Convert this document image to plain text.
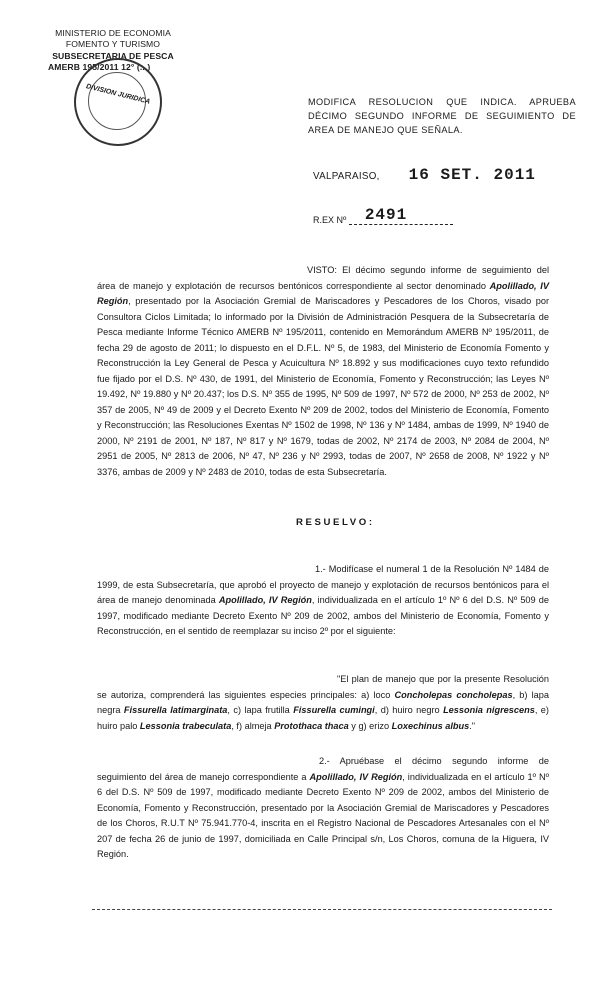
MINISTERIO DE ECONOMIA
FOMENTO Y TURISMO
SUBSECRETARIA DE PESCA
AMERB 195/2011 12° (...)
DIVISION JURIDICA	MODIFICA RESOLUCION QUE INDICA. APRUEBA DÉCIMO SEGUNDO INFORME DE SEGUIMIENTO DE AREA DE MANEJO QUE SEÑALA.
VALPARAISO, 16 SET. 2011
R.EX Nº 2491
VISTO: El décimo segundo informe de seguimiento del área de manejo y explotación de recursos bentónicos correspondiente al sector denominado Apolillado, IV Región, presentado por la Asociación Gremial de Mariscadores y Pescadores de los Choros, visado por Consultora Ciclos Limitada; lo informado por la División de Administración Pesquera de la Subsecretaría de Pesca mediante Informe Técnico AMERB Nº 195/2011, contenido en Memorándum AMERB Nº 195/2011, de fecha 29 de agosto de 2011; lo dispuesto en el D.F.L. Nº 5, de 1983, del Ministerio de Economía Fomento y Reconstrucción la Ley General de Pesca y Acuicultura Nº 18.892 y sus modificaciones cuyo texto refundido fue fijado por el D.S. Nº 430, de 1991, del Ministerio de Economía, Fomento y Reconstrucción; las Leyes Nº 19.492, Nº 19.880 y Nº 20.437; los D.S. Nº 355 de 1995, Nº 509 de 1997, Nº 572 de 2000, Nº 253 de 2002, Nº 357 de 2005, Nº 49 de 2009 y el Decreto Exento Nº 209 de 2002, todos del Ministerio de Economía, Fomento y Reconstrucción; las Resoluciones Exentas Nº 1502 de 1998, Nº 136 y Nº 1484, ambas de 1999, Nº 1940 de 2000, Nº 2191 de 2001, Nº 187, Nº 817 y Nº 1679, todas de 2002, Nº 2174 de 2003, Nº 2084 de 2004, Nº 2951 de 2005, Nº 2813 de 2006, Nº 47, Nº 236 y Nº 2993, todas de 2007, Nº 2658 de 2008, Nº 1922 y Nº 3376, ambas de 2009 y Nº 2483 de 2010, todas de esta Subsecretaría.
RESUELVO:
1.- Modifícase el numeral 1 de la Resolución Nº 1484 de 1999, de esta Subsecretaría, que aprobó el proyecto de manejo y explotación de recursos bentónicos para el área de manejo denominada Apolillado, IV Región, individualizada en el artículo 1º Nº 6 del D.S. Nº 509 de 1997, modificado mediante Decreto Exento Nº 209 de 2002, ambos del Ministerio de Economía, Fomento y Reconstrucción, en el sentido de reemplazar su inciso 2º por el siguiente:
"El plan de manejo que por la presente Resolución se autoriza, comprenderá las siguientes especies principales: a) loco Concholepas concholepas, b) lapa negra Fissurella latimarginata, c) lapa frutilla Fissurella cumingi, d) huiro negro Lessonia nigrescens, e) huiro palo Lessonia trabeculata, f) almeja Protothaca thaca y g) erizo Loxechinus albus."
2.- Apruébase el décimo segundo informe de seguimiento del área de manejo correspondiente a Apolillado, IV Región, individualizada en el artículo 1º Nº 6 del D.S. Nº 509 de 1997, modificado mediante Decreto Exento Nº 209 de 2002, ambos del Ministerio de Economía, Fomento y Reconstrucción, presentado por la Asociación Gremial de Mariscadores y Pescadores de los Choros, R.U.T Nº 75.941.770-4, inscrita en el Registro Nacional de Pescadores Artesanales con el Nº 207 de fecha 26 de junio de 1997, domiciliada en Calle Principal s/n, Los Choros, comuna de la Higuera, IV Región.
